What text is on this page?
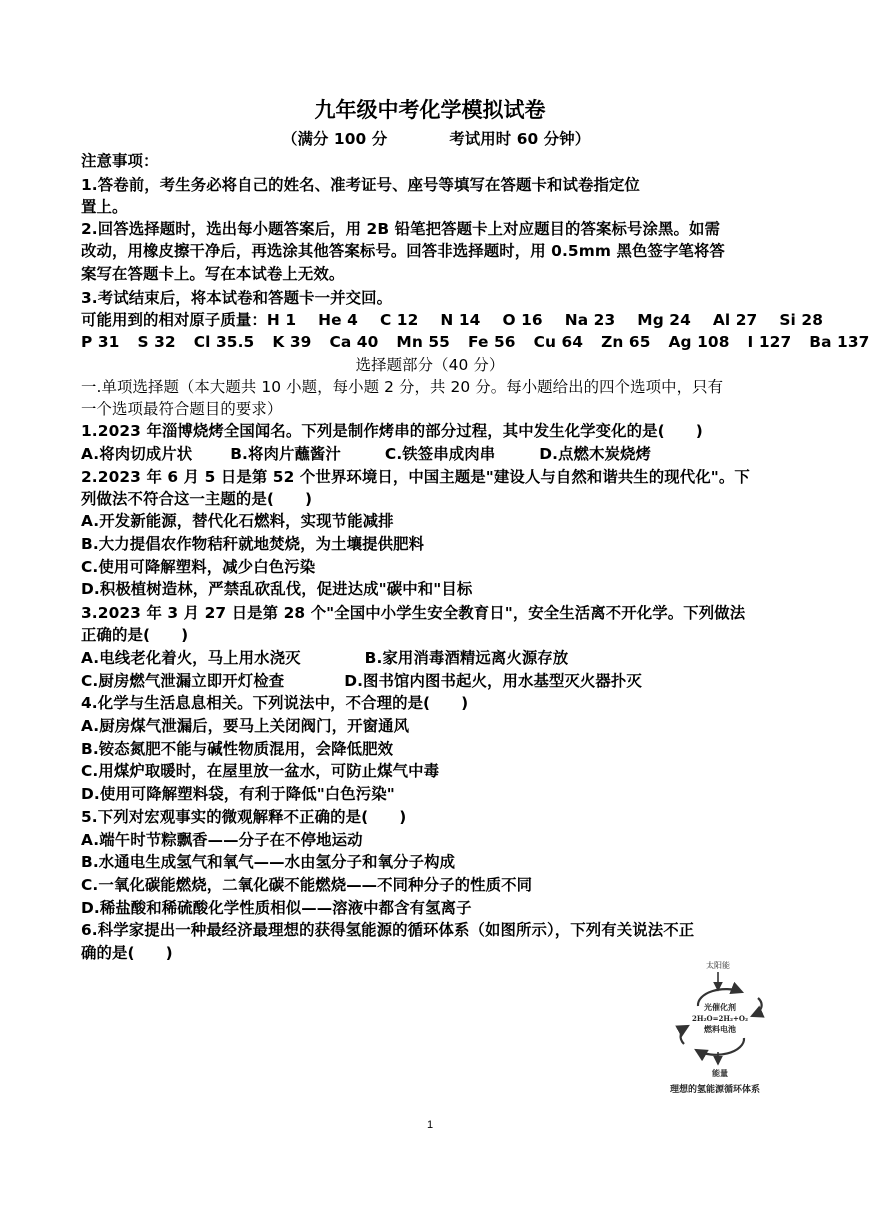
九年级中考化学模拟试卷
（满分 100 分	考试用时 60 分钟）
注意事项：
1.答卷前，考生务必将自己的姓名、准考证号、座号等填写在答题卡和试卷指定位
置上。
2.回答选择题时，选出每小题答案后，用 2B 铅笔把答题卡上对应题目的答案标号涂黑。如需
改动，用橡皮擦干净后，再选涂其他答案标号。回答非选择题时，用 0.5mm 黑色签字笔将答
案写在答题卡上。写在本试卷上无效。
3.考试结束后，将本试卷和答题卡一并交回。
可能用到的相对原子质量：H 1 He 4 C 12 N 14 O 16 Na 23 Mg 24 Al 27 Si 28
P 31 S 32 Cl 35.5 K 39 Ca 40 Mn 55 Fe 56 Cu 64 Zn 65 Ag 108 I 127 Ba 137
选择题部分（40 分）
一.单项选择题（本大题共 10 小题，每小题 2 分，共 20 分。每小题给出的四个选项中，只有
一个选项最符合题目的要求）
1.2023 年淄博烧烤全国闻名。下列是制作烤串的部分过程，其中发生化学变化的是(　　)
A.将肉切成片状 B.将肉片蘸酱汁	C.铁签串成肉串	D.点燃木炭烧烤
2.2023 年 6 月 5 日是第 52 个世界环境日，中国主题是"建设人与自然和谐共生的现代化"。下
列做法不符合这一主题的是(　　)
A.开发新能源，替代化石燃料，实现节能减排
B.大力提倡农作物秸秆就地焚烧，为土壤提供肥料
C.使用可降解塑料，减少白色污染
D.积极植树造林，严禁乱砍乱伐，促进达成"碳中和"目标
3.2023 年 3 月 27 日是第 28 个"全国中小学生安全教育日"，安全生活离不开化学。下列做法
正确的是(　　)
A.电线老化着火，马上用水浇灭	B.家用消毒酒精远离火源存放
C.厨房燃气泄漏立即开灯检查	D.图书馆内图书起火，用水基型灭火器扑灭
4.化学与生活息息相关。下列说法中，不合理的是(　　)
A.厨房煤气泄漏后，要马上关闭阀门，开窗通风
B.铵态氮肥不能与碱性物质混用，会降低肥效
C.用煤炉取暖时，在屋里放一盆水，可防止煤气中毒
D.使用可降解塑料袋，有利于降低"白色污染"
5.下列对宏观事实的微观解释不正确的是(　　)
A.端午时节粽飘香——分子在不停地运动
B.水通电生成氢气和氧气——水由氢分子和氧分子构成
C.一氧化碳能燃烧，二氧化碳不能燃烧——不同种分子的性质不同
D.稀盐酸和稀硫酸化学性质相似——溶液中都含有氢离子
6.科学家提出一种最经济最理想的获得氢能源的循环体系（如图所示），下列有关说法不正
确的是(　　)
太阳能
光催化剂
2H₂O=2H₂+O₂
燃料电池
能量
理想的氢能源循环体系
1
